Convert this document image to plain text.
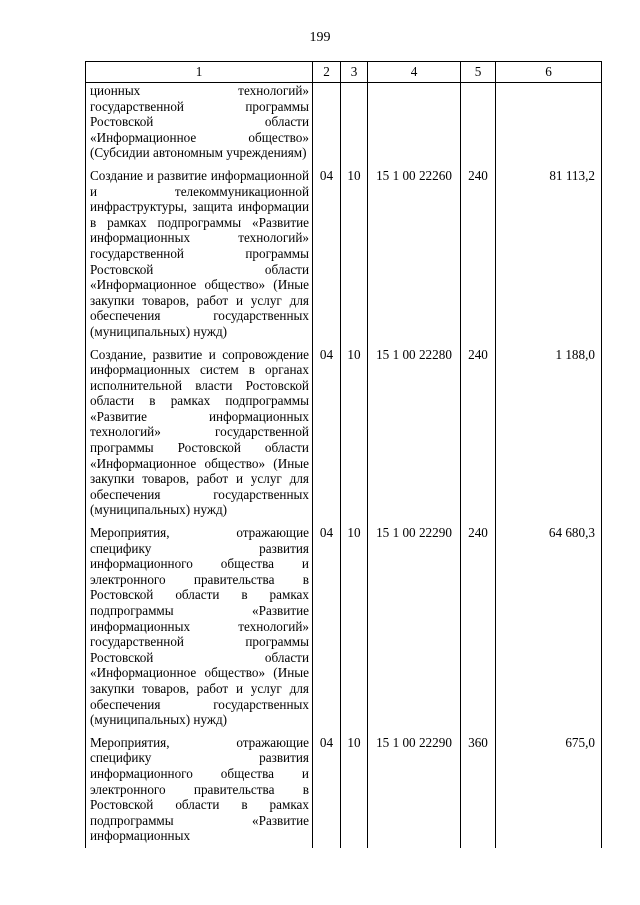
199
1	2	3	4	5	6
ционных технологий» государственной программы Ростовской области «Информационное общество» (Субсидии автономным учреждениям)					
Создание и развитие информационной и телекоммуникационной инфраструктуры, защита информации в рамках подпрограммы «Развитие информационных технологий» государственной программы Ростовской области «Информационное общество» (Иные закупки товаров, работ и услуг для обеспечения государственных (муниципальных) нужд)	04	10	15 1 00 22260	240	81 113,2
Создание, развитие и сопровождение информационных систем в органах исполнительной власти Ростовской области в рамках подпрограммы «Развитие информационных технологий» государственной программы Ростовской области «Информационное общество» (Иные закупки товаров, работ и услуг для обеспечения государственных (муниципальных) нужд)	04	10	15 1 00 22280	240	1 188,0
Мероприятия, отражающие специфику развития информационного общества и электронного правительства в Ростовской области в рамках подпрограммы «Развитие информационных технологий» государственной программы Ростовской области «Информационное общество» (Иные закупки товаров, работ и услуг для обеспечения государственных (муниципальных) нужд)	04	10	15 1 00 22290	240	64 680,3
Мероприятия, отражающие специфику развития информационного общества и электронного правительства в Ростовской области в рамках подпрограммы «Развитие информационных	04	10	15 1 00 22290	360	675,0
